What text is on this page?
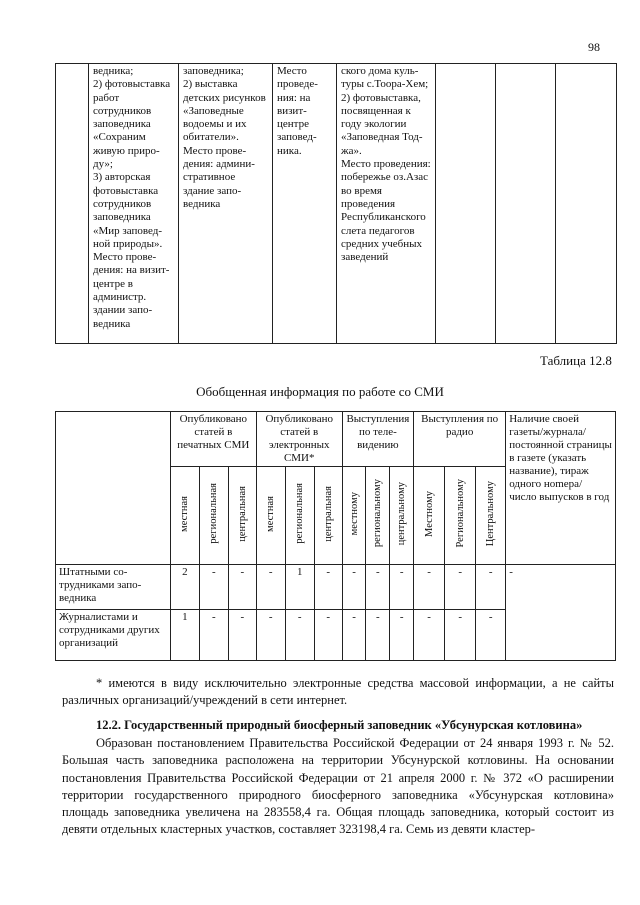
98
	ведника;
2) фотовыставка работ сотрудников заповедника «Сохраним живую природу»;
3) авторская фотовыставка сотрудников заповедника «Мир заповедной природы».
Место проведения: на визит-центре в администр. здании заповедника	заповедника;
2) выставка детских рисунков «Заповедные водоемы и их обитатели».
Место проведения: административное здание заповедника	Место проведения: на визит-центре заповедника.	ского дома культуры с.Тоора-Хем;
2) фотовыставка, посвященная к году экологии «Заповедная Тоджа».
Место проведения: побережье оз.Азас во время проведения Республиканского слета педагогов средних учебных заведений			
Таблица 12.8
Обобщенная информация по работе со СМИ
	Опубликовано статей в печатных СМИ			Опубликовано статей в электронных СМИ*			Выступления по телевидению			Выступления по радио			Наличие своей газеты/журнала/ постоянной страницы в газете (указать название), тираж одного ноmера/ число выпусков в год
	местная	региональная	центральная	местная	региональная	центральная	местному	региональному	центральному	Местному	Региональному	Центральному	
Штатными сотрудниками заповедника	2	-	-	-	1	-	-	-	-	-	-	-	-
Журналистами и сотрудниками других организаций	1	-	-	-	-	-	-	-	-	-	-	-	
* имеются в виду исключительно электронные средства массовой информации, а не сайты различных организаций/учреждений в сети интернет.
12.2. Государственный природный биосферный заповедник «Убсунурская котловина»
Образован постановлением Правительства Российской Федерации от 24 января 1993 г. № 52. Большая часть заповедника расположена на территории Убсунурской котловины. На основании постановления Правительства Российской Федерации от 21 апреля 2000 г. № 372 «О расширении территории государственного природного биосферного заповедника «Убсунурская котловина» площадь заповедника увеличена на 283558,4 га. Общая площадь заповедника, который состоит из девяти отдельных кластерных участков, составляет 323198,4 га. Семь из девяти кластер-
